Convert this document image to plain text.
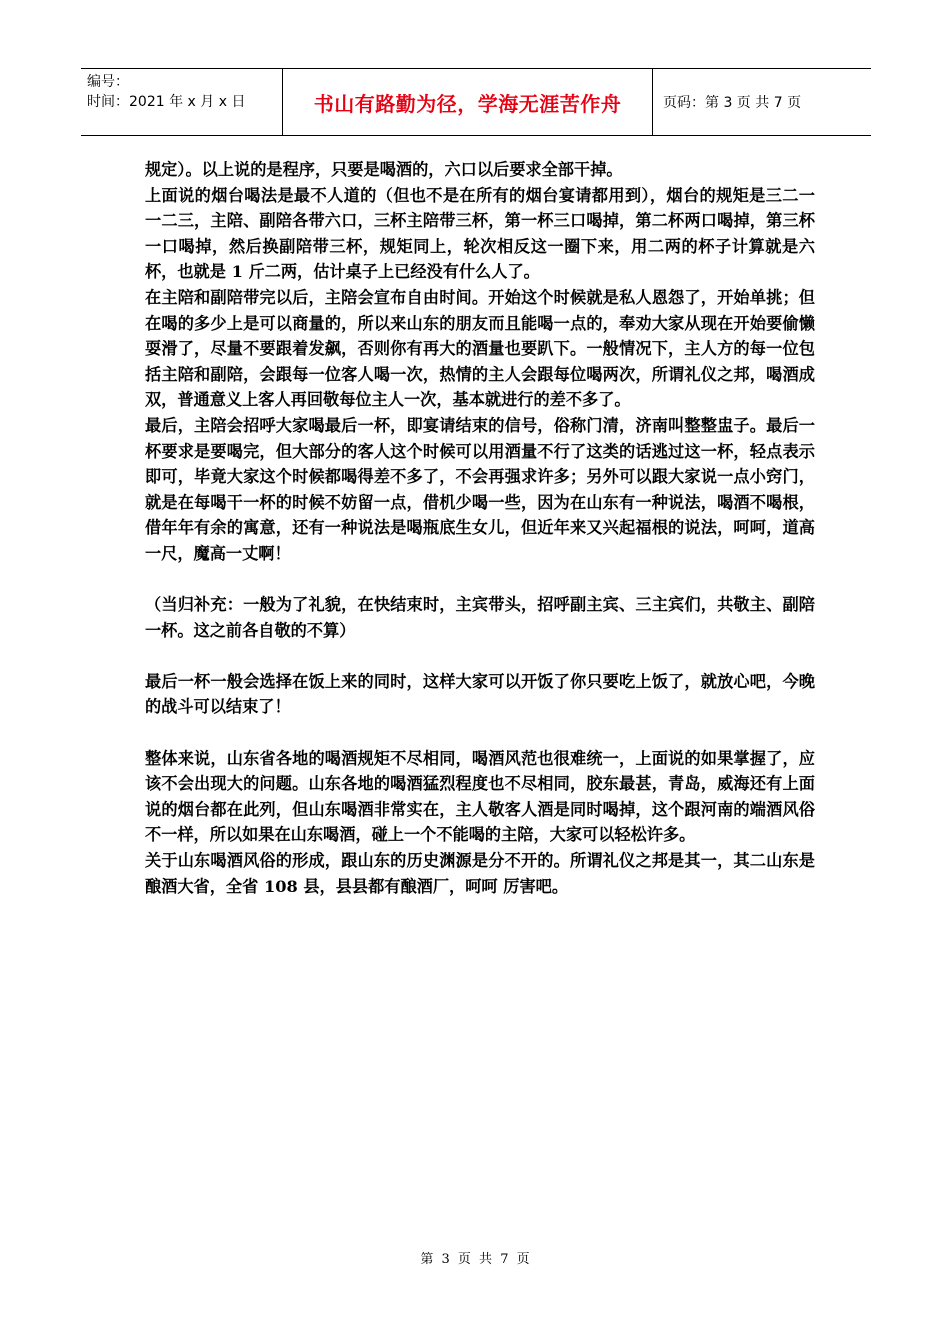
编号：
时间：2021 年 x 月 x 日	书山有路勤为径，学海无涯苦作舟	页码：第 3 页 共 7 页

规定）。以上说的是程序，只要是喝酒的，六口以后要求全部干掉。

上面说的烟台喝法是最不人道的（但也不是在所有的烟台宴请都用到），烟台的规矩是三二一一二三，主陪、副陪各带六口，三杯主陪带三杯，第一杯三口喝掉，第二杯两口喝掉，第三杯一口喝掉，然后换副陪带三杯，规矩同上，轮次相反这一圈下来，用二两的杯子计算就是六杯，也就是 1 斤二两，估计桌子上已经没有什么人了。

在主陪和副陪带完以后，主陪会宣布自由时间。开始这个时候就是私人恩怨了，开始单挑；但在喝的多少上是可以商量的，所以来山东的朋友而且能喝一点的，奉劝大家从现在开始要偷懒耍滑了，尽量不要跟着发飙，否则你有再大的酒量也要趴下。一般情况下，主人方的每一位包括主陪和副陪，会跟每一位客人喝一次，热情的主人会跟每位喝两次，所谓礼仪之邦，喝酒成双，普通意义上客人再回敬每位主人一次，基本就进行的差不多了。

最后，主陪会招呼大家喝最后一杯，即宴请结束的信号，俗称门清，济南叫整整盅子。最后一杯要求是要喝完，但大部分的客人这个时候可以用酒量不行了这类的话逃过这一杯，轻点表示即可，毕竟大家这个时候都喝得差不多了，不会再强求许多；另外可以跟大家说一点小窍门，就是在每喝干一杯的时候不妨留一点，借机少喝一些，因为在山东有一种说法，喝酒不喝根，借年年有余的寓意，还有一种说法是喝瓶底生女儿，但近年来又兴起福根的说法，呵呵，道高一尺，魔高一丈啊！

（当归补充：一般为了礼貌，在快结束时，主宾带头，招呼副主宾、三主宾们，共敬主、副陪一杯。这之前各自敬的不算）

最后一杯一般会选择在饭上来的同时，这样大家可以开饭了你只要吃上饭了，就放心吧，今晚的战斗可以结束了！

整体来说，山东省各地的喝酒规矩不尽相同，喝酒风范也很难统一，上面说的如果掌握了，应该不会出现大的问题。山东各地的喝酒猛烈程度也不尽相同，胶东最甚，青岛，威海还有上面说的烟台都在此列，但山东喝酒非常实在，主人敬客人酒是同时喝掉，这个跟河南的端酒风俗不一样，所以如果在山东喝酒，碰上一个不能喝的主陪，大家可以轻松许多。

关于山东喝酒风俗的形成，跟山东的历史渊源是分不开的。所谓礼仪之邦是其一，其二山东是酿酒大省，全省 108 县，县县都有酿酒厂，呵呵 厉害吧。

第 3 页 共 7 页
